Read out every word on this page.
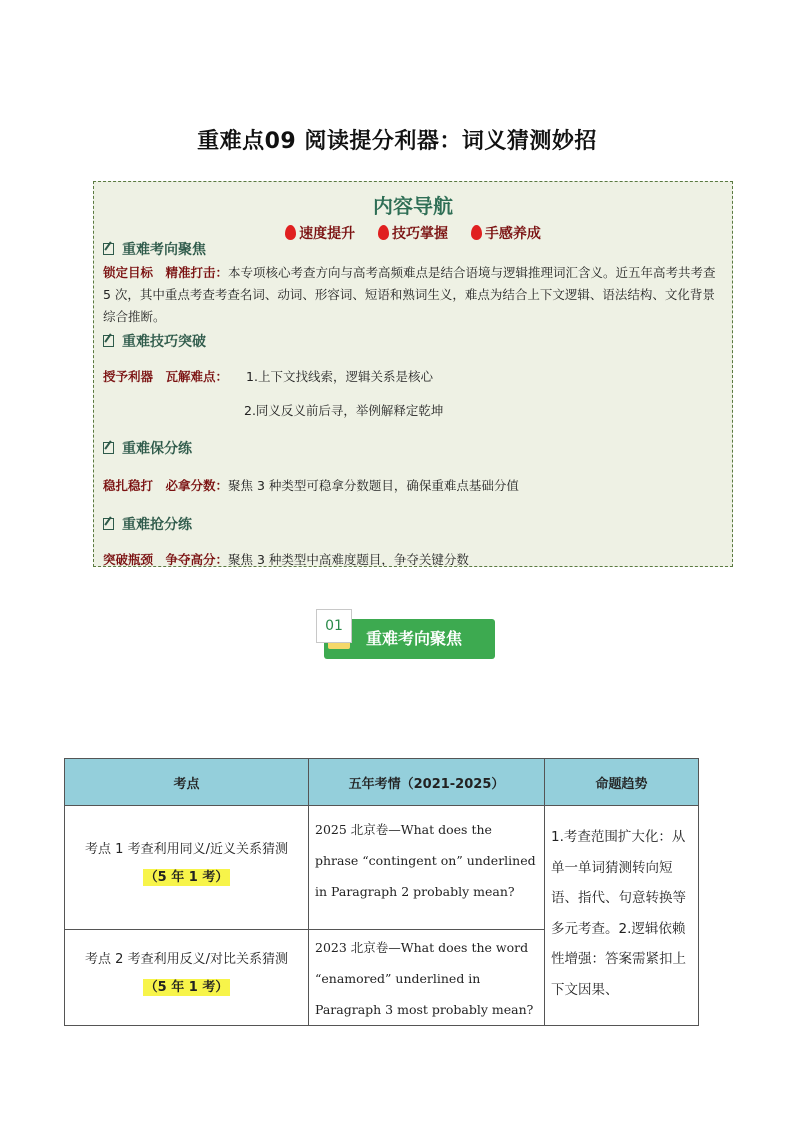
重难点09 阅读提分利器：词义猜测妙招
内容导航
速度提升	技巧掌握	手感养成
重难考向聚焦
锁定目标　精准打击：本专项核心考查方向与高考高频难点是结合语境与逻辑推理词汇含义。近五年高考共考查 5 次，其中重点考查考查名词、动词、形容词、短语和熟词生义，难点为结合上下文逻辑、语法结构、文化背景综合推断。
重难技巧突破
授予利器　瓦解难点： 1.上下文找线索，逻辑关系是核心
2.同义反义前后寻，举例解释定乾坤
重难保分练
稳扎稳打　必拿分数：聚焦 3 种类型可稳拿分数题目，确保重难点基础分值
重难抢分练
突破瓶颈　争夺高分：聚焦 3 种类型中高难度题目，争夺关键分数
01
重难考向聚焦
考点	五年考情（2021-2025）	命题趋势

考点 1 考查利用同义/近义关系猜测
（5 年 1 考）	2025 北京卷—What does the phrase “contingent on” underlined in Paragraph 2 probably mean?	1.考查范围扩大化：从单一单词猜测转向短语、指代、句意转换等多元考查。2.逻辑依赖性增强：答案需紧扣上下文因果、

考点 2 考查利用反义/对比关系猜测
（5 年 1 考）	2023 北京卷—What does the word “enamored” underlined in Paragraph 3 most probably mean?	
